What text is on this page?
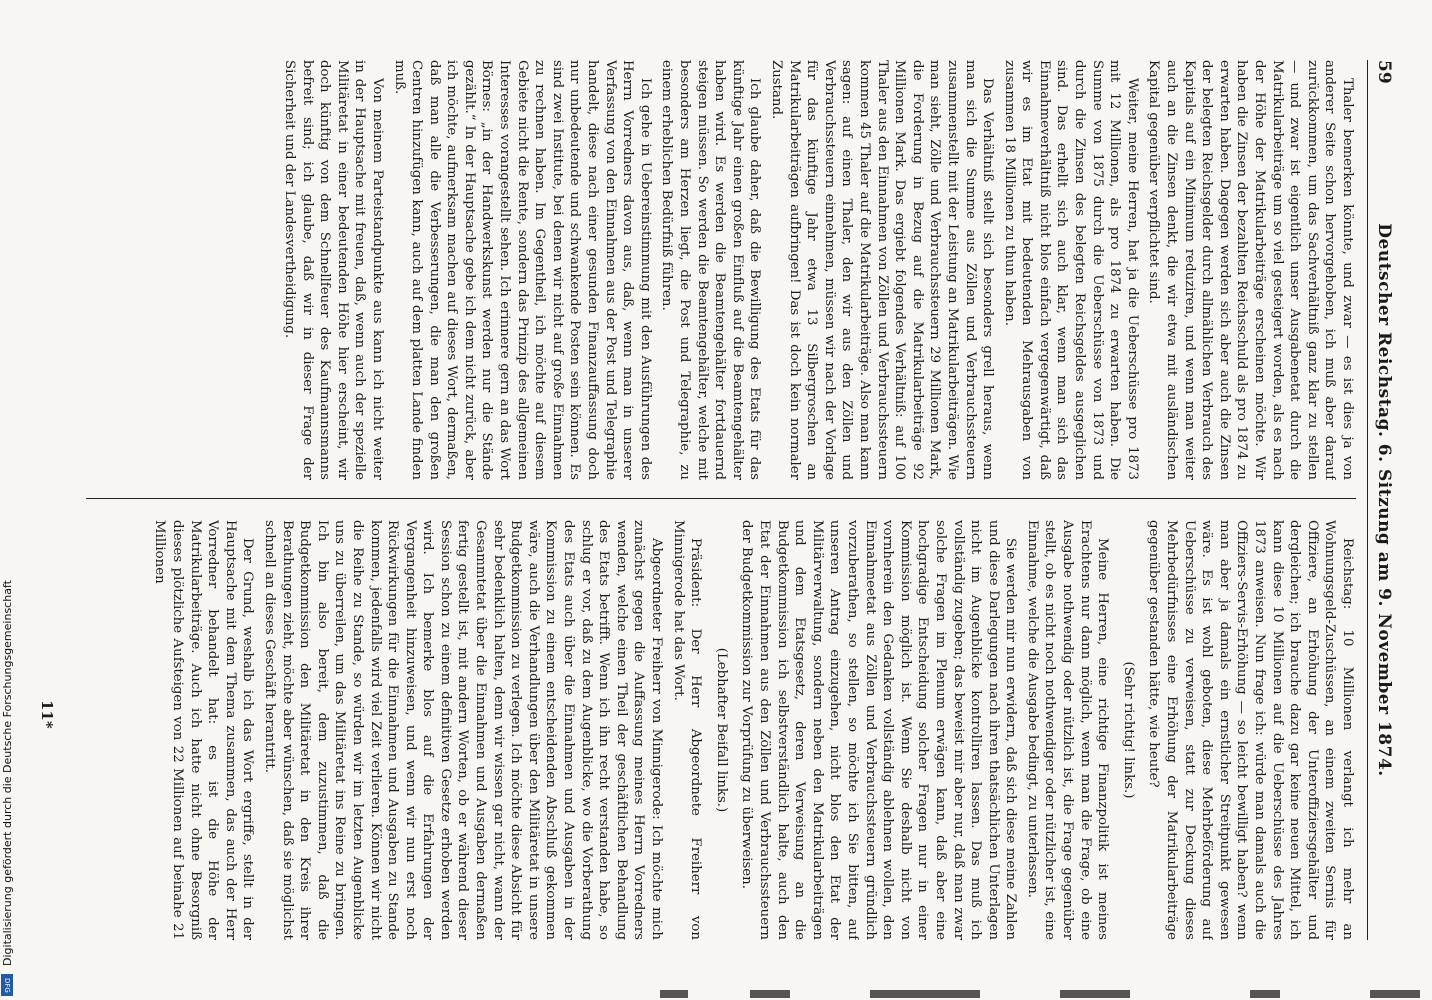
59
Deutscher Reichstag. 6. Sitzung am 9. November 1874.

Thaler bemerken könnte, und zwar — es ist dies ja von anderer Seite schon hervorgehoben, ich muß aber darauf zurückkommen, um das Sachverhältniß ganz klar zu stellen — und zwar ist eigentlich unser Ausgabenetat durch die Matrikularbeiträge um so viel gesteigert worden, als es nach der Höhe der Matrikularbeiträge erscheinen möchte. Wir haben die Zinsen der bezahlten Reichsschuld als pro 1874 zu erwarten haben. Dagegen werden sich aber auch die Zinsen der belegten Reichsgelder durch allmählichen Verbrauch des Kapitals auf ein Minimum reduziren, und wenn man weiter auch an die Zinsen denkt, die wir etwa mit ausländischen Kapital gegenüber verpflichtet sind.

Weiter, meine Herren, hat ja die Ueberschüsse pro 1873 mit 12 Millionen, als pro 1874 zu erwarten haben. Die Summe von 1875 durch die Ueberschüsse von 1873 und durch die Zinsen des belegten Reichsgeldes ausgeglichen sind. Das erhellt sich auch klar, wenn man sich das Einnahmeverhältniß nicht blos einfach vergegenwärtigt, daß wir es im Etat mit bedeutenden Mehrausgaben von zusammen 18 Millionen zu thun haben.

Das Verhältniß stellt sich besonders grell heraus, wenn man sich die Summe aus Zöllen und Verbrauchssteuern zusammenstellt mit der Leistung an Matrikularbeiträgen. Wie man sieht, Zölle und Verbrauchssteuern 29 Millionen Mark, die Forderung in Bezug auf die Matrikularbeiträge 92 Millionen Mark. Das ergiebt folgendes Verhältniß: auf 100 Thaler aus den Einnahmen von Zöllen und Verbrauchssteuern kommen 45 Thaler auf die Matrikularbeiträge. Also man kann sagen: auf einen Thaler, den wir aus den Zöllen und Verbrauchssteuern einnehmen, müssen wir nach der Vorlage für das künftige Jahr etwa 13 Silbergroschen an Matrikularbeiträgen aufbringen! Das ist doch kein normaler Zustand.

Ich glaube daher, daß die Bewilligung des Etats für das künftige Jahr einen großen Einfluß auf die Beamtengehälter haben wird. Es werden die Beamtengehälter fortdauernd steigen müssen. So werden die Beamtengehälter, welche mit besonders am Herzen liegt, die Post und Telegraphie, zu einem erheblichen Bedürfniß führen.

Ich gehe in Uebereinstimmung mit den Ausführungen des Herrn Vorredners davon aus, daß, wenn man in unserer Verfassung von den Einnahmen aus der Post und Telegraphie handelt, diese nach einer gesunden Finanzauffassung doch nur unbedeutende und schwankende Posten sein können. Es sind zwei Institute, bei denen wir nicht auf große Einnahmen zu rechnen haben. Im Gegentheil, ich möchte auf diesem Gebiete nicht die Rente, sondern das Prinzip des allgemeinen Interesses vorangestellt sehen. Ich erinnere gern an das Wort Börnes: „in der Handwerkskunst werden nur die Stände gezählt.“ In der Hauptsache gebe ich dem nicht zurück, aber ich möchte, aufmerksam machen auf dieses Wort, dermaßen, daß man alle die Verbesserungen, die man den großen Centren hinzufügen kann, auch auf dem platten Lande finden muß.

Von meinem Parteistandpunkte aus kann ich nicht weiter in der Hauptsache mit freuen, daß, wenn auch der spezielle Militäretat in einer bedeutenden Höhe hier erscheint, wir doch künftig von dem Schnellfeuer des Kaufmannsmanns befreit sind; ich glaube, daß wir in dieser Frage der Sicherheit und der Landesvertheidigung.

Reichstag: 10 Millionen verlangt ich mehr an Wohnungsgeld-Zuschüssen, an einem zweiten Sernis für Offiziere, an Erhöhung der Unteroffiziersgehälter und dergleichen; ich brauche dazu gar keine neuen Mittel, ich kann diese 10 Millionen auf die Ueberschüsse des Jahres 1873 anweisen. Nun frage ich: würde man damals auch die Offiziers-Servis-Erhöhung — so leicht bewilligt haben? wenn man aber ja damals ein ernstlicher Streitpunkt gewesen wäre. Es ist wohl geboten, diese Mehrbeförderung auf Ueberschüsse zu verweisen, statt zur Deckung dieses Mehrbedürfnisses eine Erhöhung der Matrikularbeiträge gegenüber gestanden hätte, wie heute?

(Sehr richtig! links.)

Meine Herren, eine richtige Finanzpolitik ist meines Erachtens nur dann möglich, wenn man die Frage, ob eine Ausgabe nothwendig oder nützlich ist, die Frage gegenüber stellt, ob es nicht noch nothwendiger oder nützlicher ist, eine Einnahme, welche die Ausgabe bedingt, zu unterlassen.

Sie werden mir nun erwidern, daß sich diese meine Zahlen und diese Darlegungen nach ihren thatsächlichen Unterlagen nicht im Augenblicke kontrolliren lassen. Das muß ich vollständig zugeben; das beweist mir aber nur, daß man zwar solche Fragen im Plenum erwägen kann, daß aber eine hochgradige Entscheidung solcher Fragen nur in einer Kommission möglich ist. Wenn Sie deshalb nicht von vornherein den Gedanken vollständig ablehnen wollen, den Einnahmeetat aus Zöllen und Verbrauchssteuern gründlich vorzuberathen, so stellen, so möchte ich Sie bitten, auf unseren Antrag einzugehen, nicht blos den Etat der Militärverwaltung, sondern neben den Matrikularbeiträgen und dem Etatsgesetz, deren Verweisung an die Budgetkommission ich selbstverständlich halte, auch den Etat der Einnahmen aus den Zöllen und Verbrauchssteuern der Budgetkommission zur Vorprüfung zu überweisen.

(Lebhafter Beifall links.)

Präsident: Der Herr Abgeordnete Freiherr von Minnigerode hat das Wort.

Abgeordneter Freiherr von Minnigerode: Ich möchte mich zunächst gegen die Auffassung meines Herrn Vorredners wenden, welche einen Theil der geschäftlichen Behandlung des Etats betrifft. Wenn ich ihn recht verstanden habe, so schlug er vor, daß zu dem Augenblicke, wo die Vorberathung des Etats auch über die Einnahmen und Ausgaben in der Kommission zu einem entscheidenden Abschluß gekommen wäre, auch die Verhandlungen über den Militäretat in unsere Budgetkommission zu verlegen. Ich möchte diese Absicht für sehr bedenklich halten, denn wir wissen gar nicht, wann der Gesammtetat über die Einnahmen und Ausgaben dermaßen fertig gestellt ist, mit andern Worten, ob er während dieser Session schon zu einem definitiven Gesetze erhoben werden wird. Ich bemerke blos auf die Erfahrungen der Vergangenheit hinzuweisen, und wenn wir nun erst noch Rückwirkungen für die Einnahmen und Ausgaben zu Stande kommen, jedenfalls wird viel Zeit verlieren. Können wir nicht die Reihe zu Stande, so würden wir im letzten Augenblicke uns zu überreilen, um das Militäretat ins Reine zu bringen. Ich bin also bereit, dem zuzustimmen, daß die Budgetkommission den Militäretat in den Kreis ihrer Berathungen zieht, möchte aber wünschen, daß sie möglichst schnell an dieses Geschäft herantritt.

Der Grund, weshalb ich das Wort ergriffe, stellt in der Hauptsache mit dem Thema zusammen, das auch der Herr Vorredner behandelt hat: es ist die Höhe der Matrikularbeiträge. Auch ich hatte nicht ohne Besorgniß dieses plötzliche Aufsteigen von 22 Millionen auf beinahe 21 Millionen

11*
Digitalisierung gefördert durch die Deutsche Forschungsgemeinschaft
DFG
